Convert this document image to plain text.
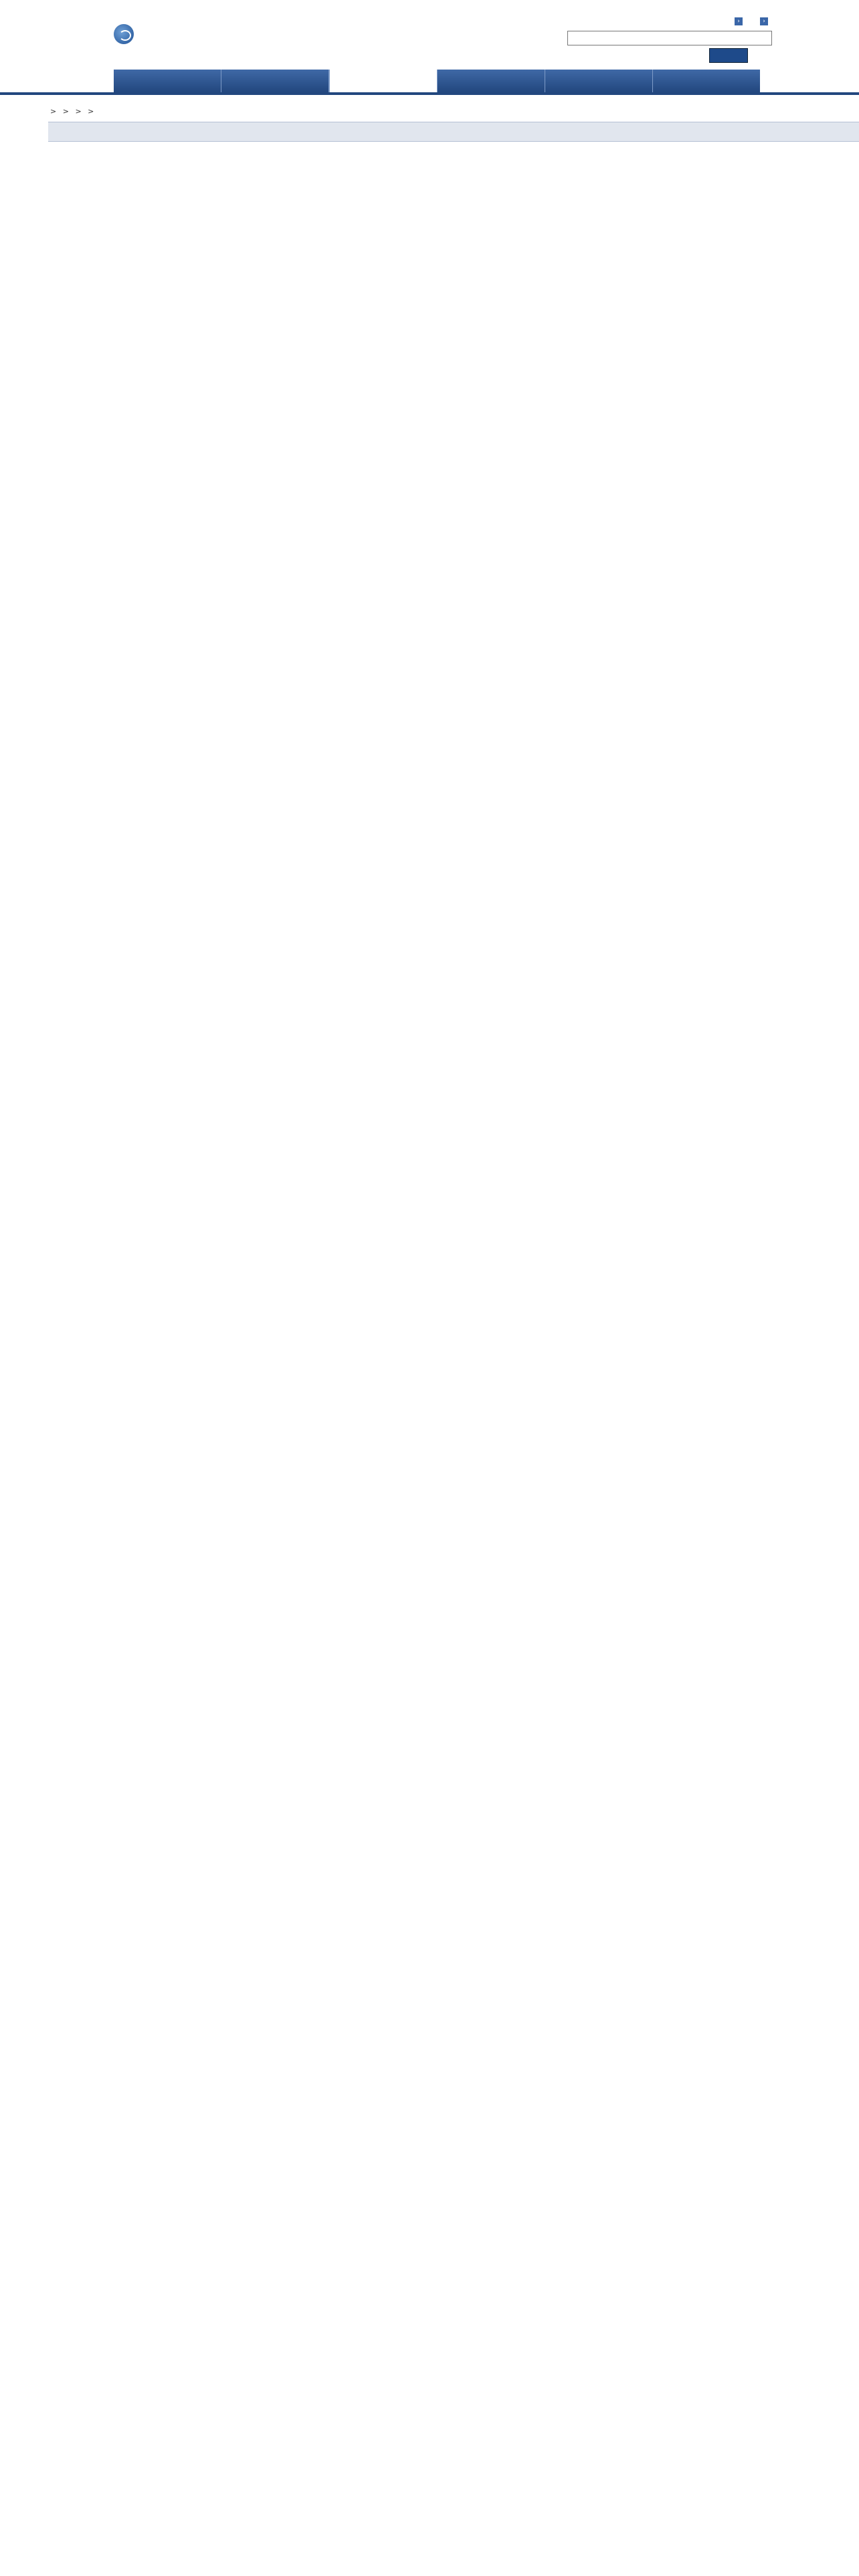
›	›
> > > >
